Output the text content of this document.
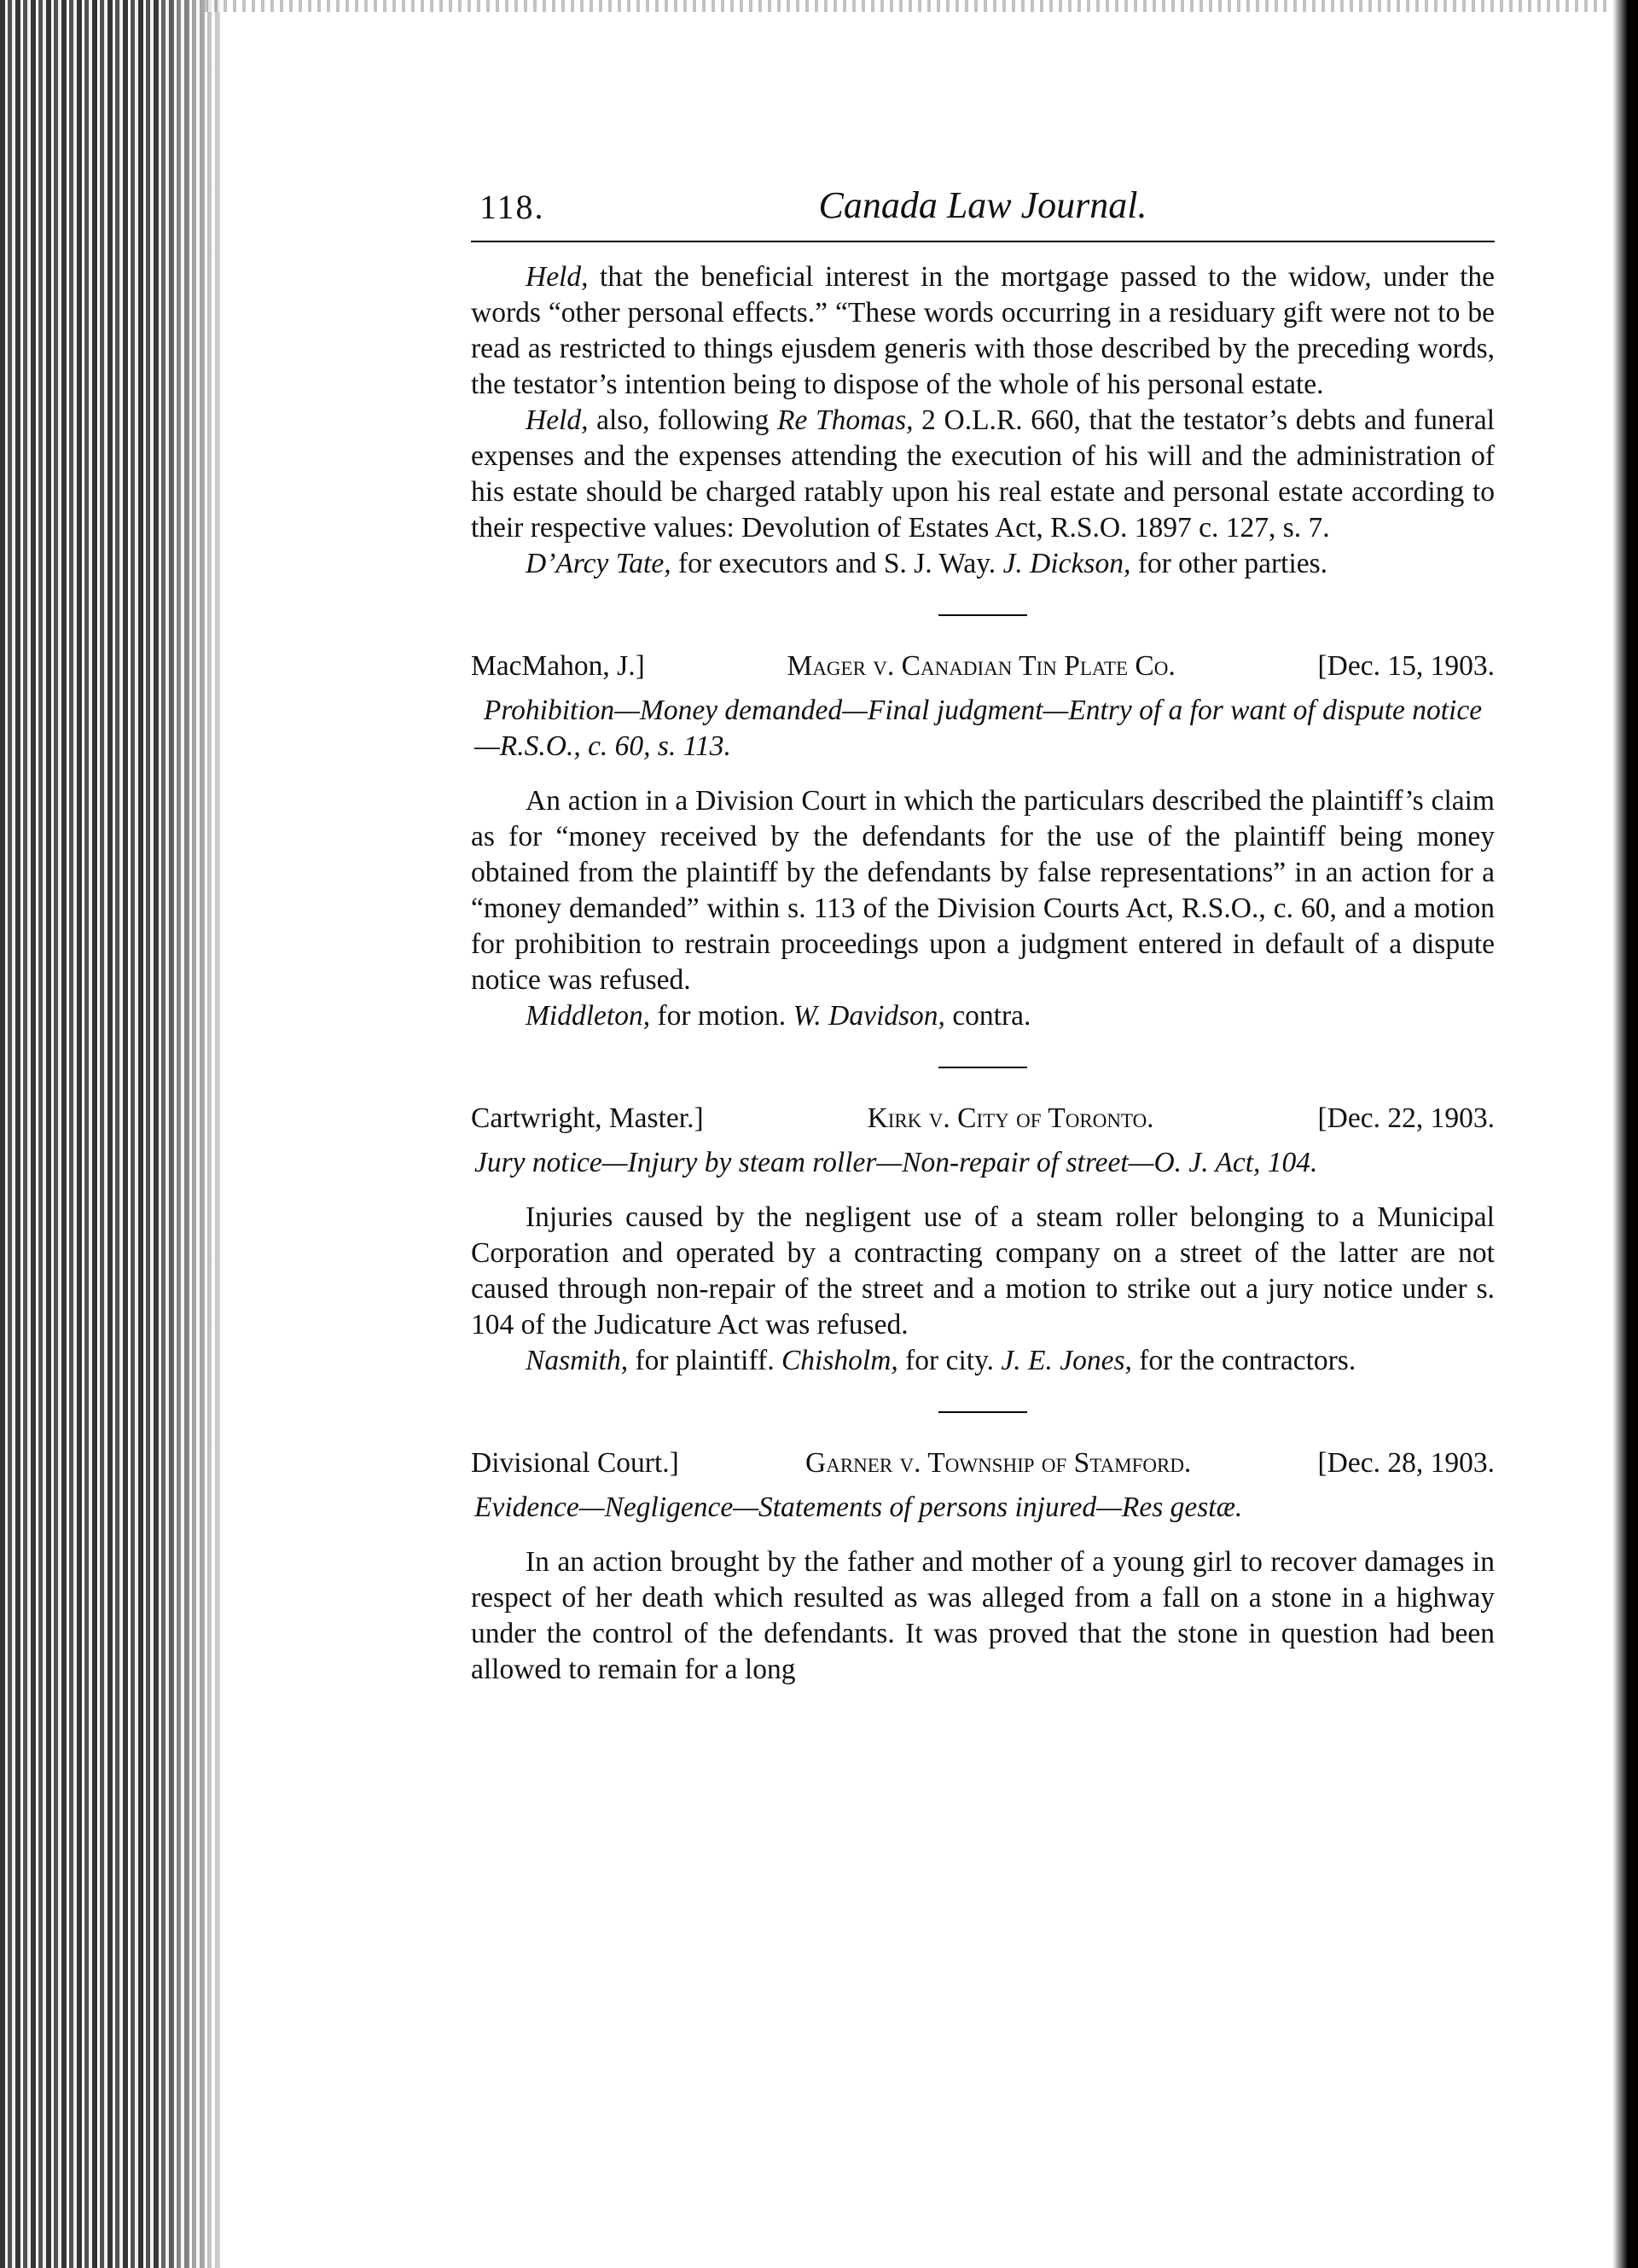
118.	Canada Law Journal.

Held, that the beneficial interest in the mortgage passed to the widow, under the words “other personal effects.” “These words occurring in a residuary gift were not to be read as restricted to things ejusdem generis with those described by the preceding words, the testator’s intention being to dispose of the whole of his personal estate.

Held, also, following Re Thomas, 2 O.L.R. 660, that the testator’s debts and funeral expenses and the expenses attending the execution of his will and the administration of his estate should be charged ratably upon his real estate and personal estate according to their respective values: Devolution of Estates Act, R.S.O. 1897 c. 127, s. 7.

D’Arcy Tate, for executors and S. J. Way. J. Dickson, for other parties.

MacMahon, J.]	Mager v. Canadian Tin Plate Co.	[Dec. 15, 1903.

Prohibition—Money demanded—Final judgment—Entry of a for want of dispute notice—R.S.O., c. 60, s. 113.

An action in a Division Court in which the particulars described the plaintiff’s claim as for “money received by the defendants for the use of the plaintiff being money obtained from the plaintiff by the defendants by false representations” in an action for a “money demanded” within s. 113 of the Division Courts Act, R.S.O., c. 60, and a motion for prohibition to restrain proceedings upon a judgment entered in default of a dispute notice was refused.

Middleton, for motion. W. Davidson, contra.

Cartwright, Master.]	Kirk v. City of Toronto.	[Dec. 22, 1903.

Jury notice—Injury by steam roller—Non-repair of street—O. J. Act, 104.

Injuries caused by the negligent use of a steam roller belonging to a Municipal Corporation and operated by a contracting company on a street of the latter are not caused through non-repair of the street and a motion to strike out a jury notice under s. 104 of the Judicature Act was refused.

Nasmith, for plaintiff. Chisholm, for city. J. E. Jones, for the contractors.

Divisional Court.]	Garner v. Township of Stamford.	[Dec. 28, 1903.

Evidence—Negligence—Statements of persons injured—Res gestæ.

In an action brought by the father and mother of a young girl to recover damages in respect of her death which resulted as was alleged from a fall on a stone in a highway under the control of the defendants. It was proved that the stone in question had been allowed to remain for a long
